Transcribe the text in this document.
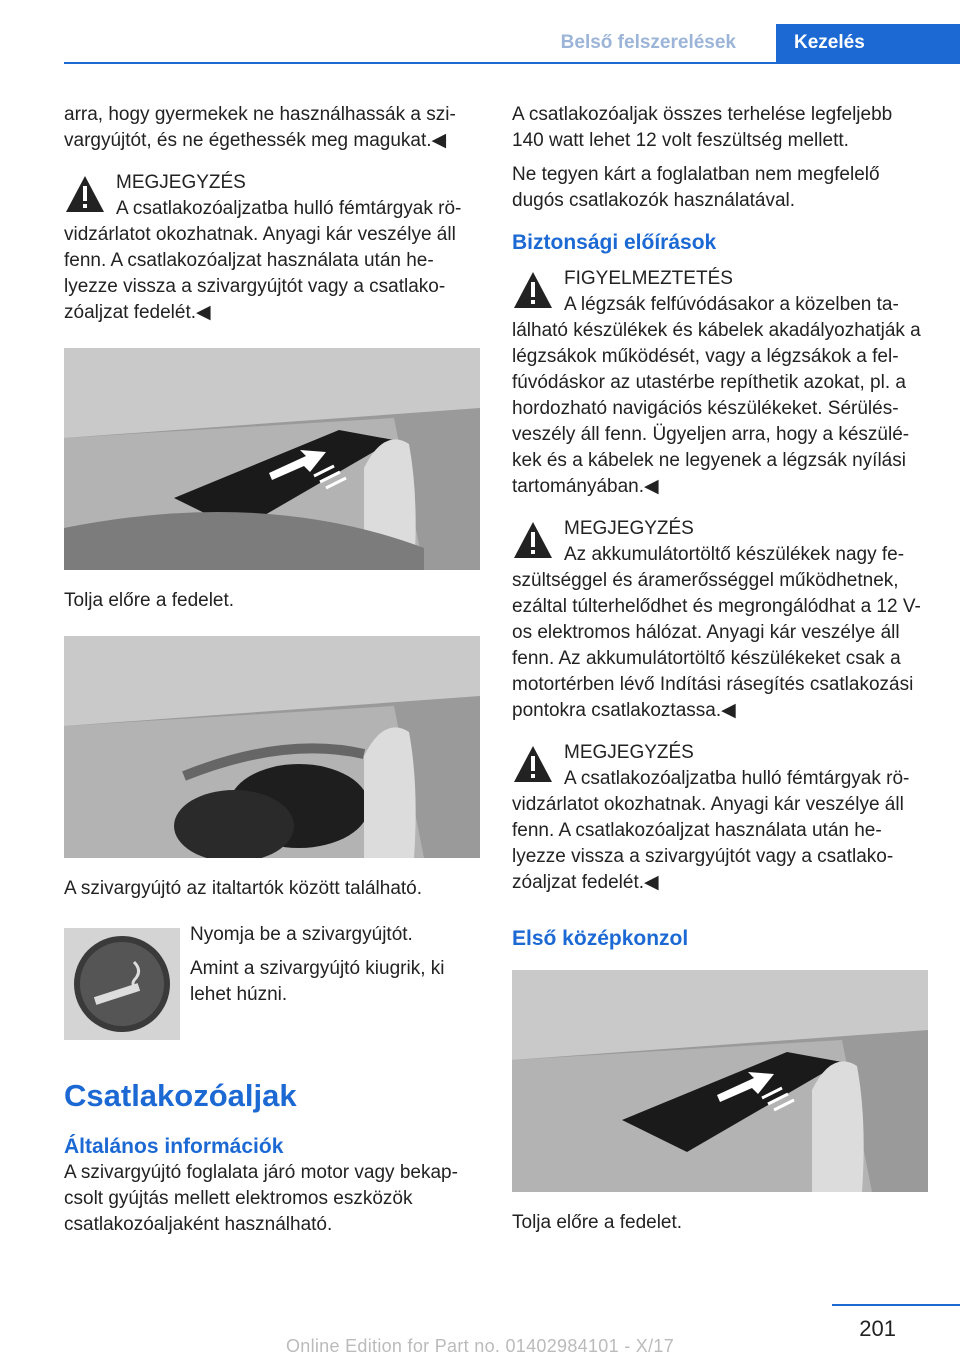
Belső felszerelések	Kezelés

arra, hogy gyermekek ne használhassák a szivargyújtót, és ne égethessék meg magukat.◀

MEGJEGYZÉS

A csatlakozóaljzatba hulló fémtárgyak rövidzárlatot okozhatnak. Anyagi kár veszélye áll fenn. A csatlakozóaljzat használata után helyezze vissza a szivargyújtót vagy a csatlakozóaljzat fedelét.◀

Tolja előre a fedelet.

A szivargyújtó az italtartók között található.

Nyomja be a szivargyújtót.

Amint a szivargyújtó kiugrik, ki lehet húzni.

Csatlakozóaljak
Általános információk

A szivargyújtó foglalata járó motor vagy bekapcsolt gyújtás mellett elektromos eszközök csatlakozóaljaként használható.

A csatlakozóaljak összes terhelése legfeljebb 140 watt lehet 12 volt feszültség mellett.

Ne tegyen kárt a foglalatban nem megfelelő dugós csatlakozók használatával.

Biztonsági előírások
FIGYELMEZTETÉS

A légzsák felfúvódásakor a közelben található készülékek és kábelek akadályozhatják a légzsákok működését, vagy a légzsákok a felfúvódáskor az utastérbe repíthetik azokat, pl. a hordozható navigációs készülékeket. Sérülésveszély áll fenn. Ügyeljen arra, hogy a készülékek és a kábelek ne legyenek a légzsák nyílási tartományában.◀

MEGJEGYZÉS

Az akkumulátortöltő készülékek nagy feszültséggel és áramerősséggel működhetnek, ezáltal túlterhelődhet és megrongálódhat a 12 V-os elektromos hálózat. Anyagi kár veszélye áll fenn. Az akkumulátortöltő készülékeket csak a motortérben lévő Indítási rásegítés csatlakozási pontokra csatlakoztassa.◀

MEGJEGYZÉS

A csatlakozóaljzatba hulló fémtárgyak rövidzárlatot okozhatnak. Anyagi kár veszélye áll fenn. A csatlakozóaljzat használata után helyezze vissza a szivargyújtót vagy a csatlakozóaljzat fedelét.◀

Első középkonzol

Tolja előre a fedelet.

201
Online Edition for Part no. 01402984101 - X/17
